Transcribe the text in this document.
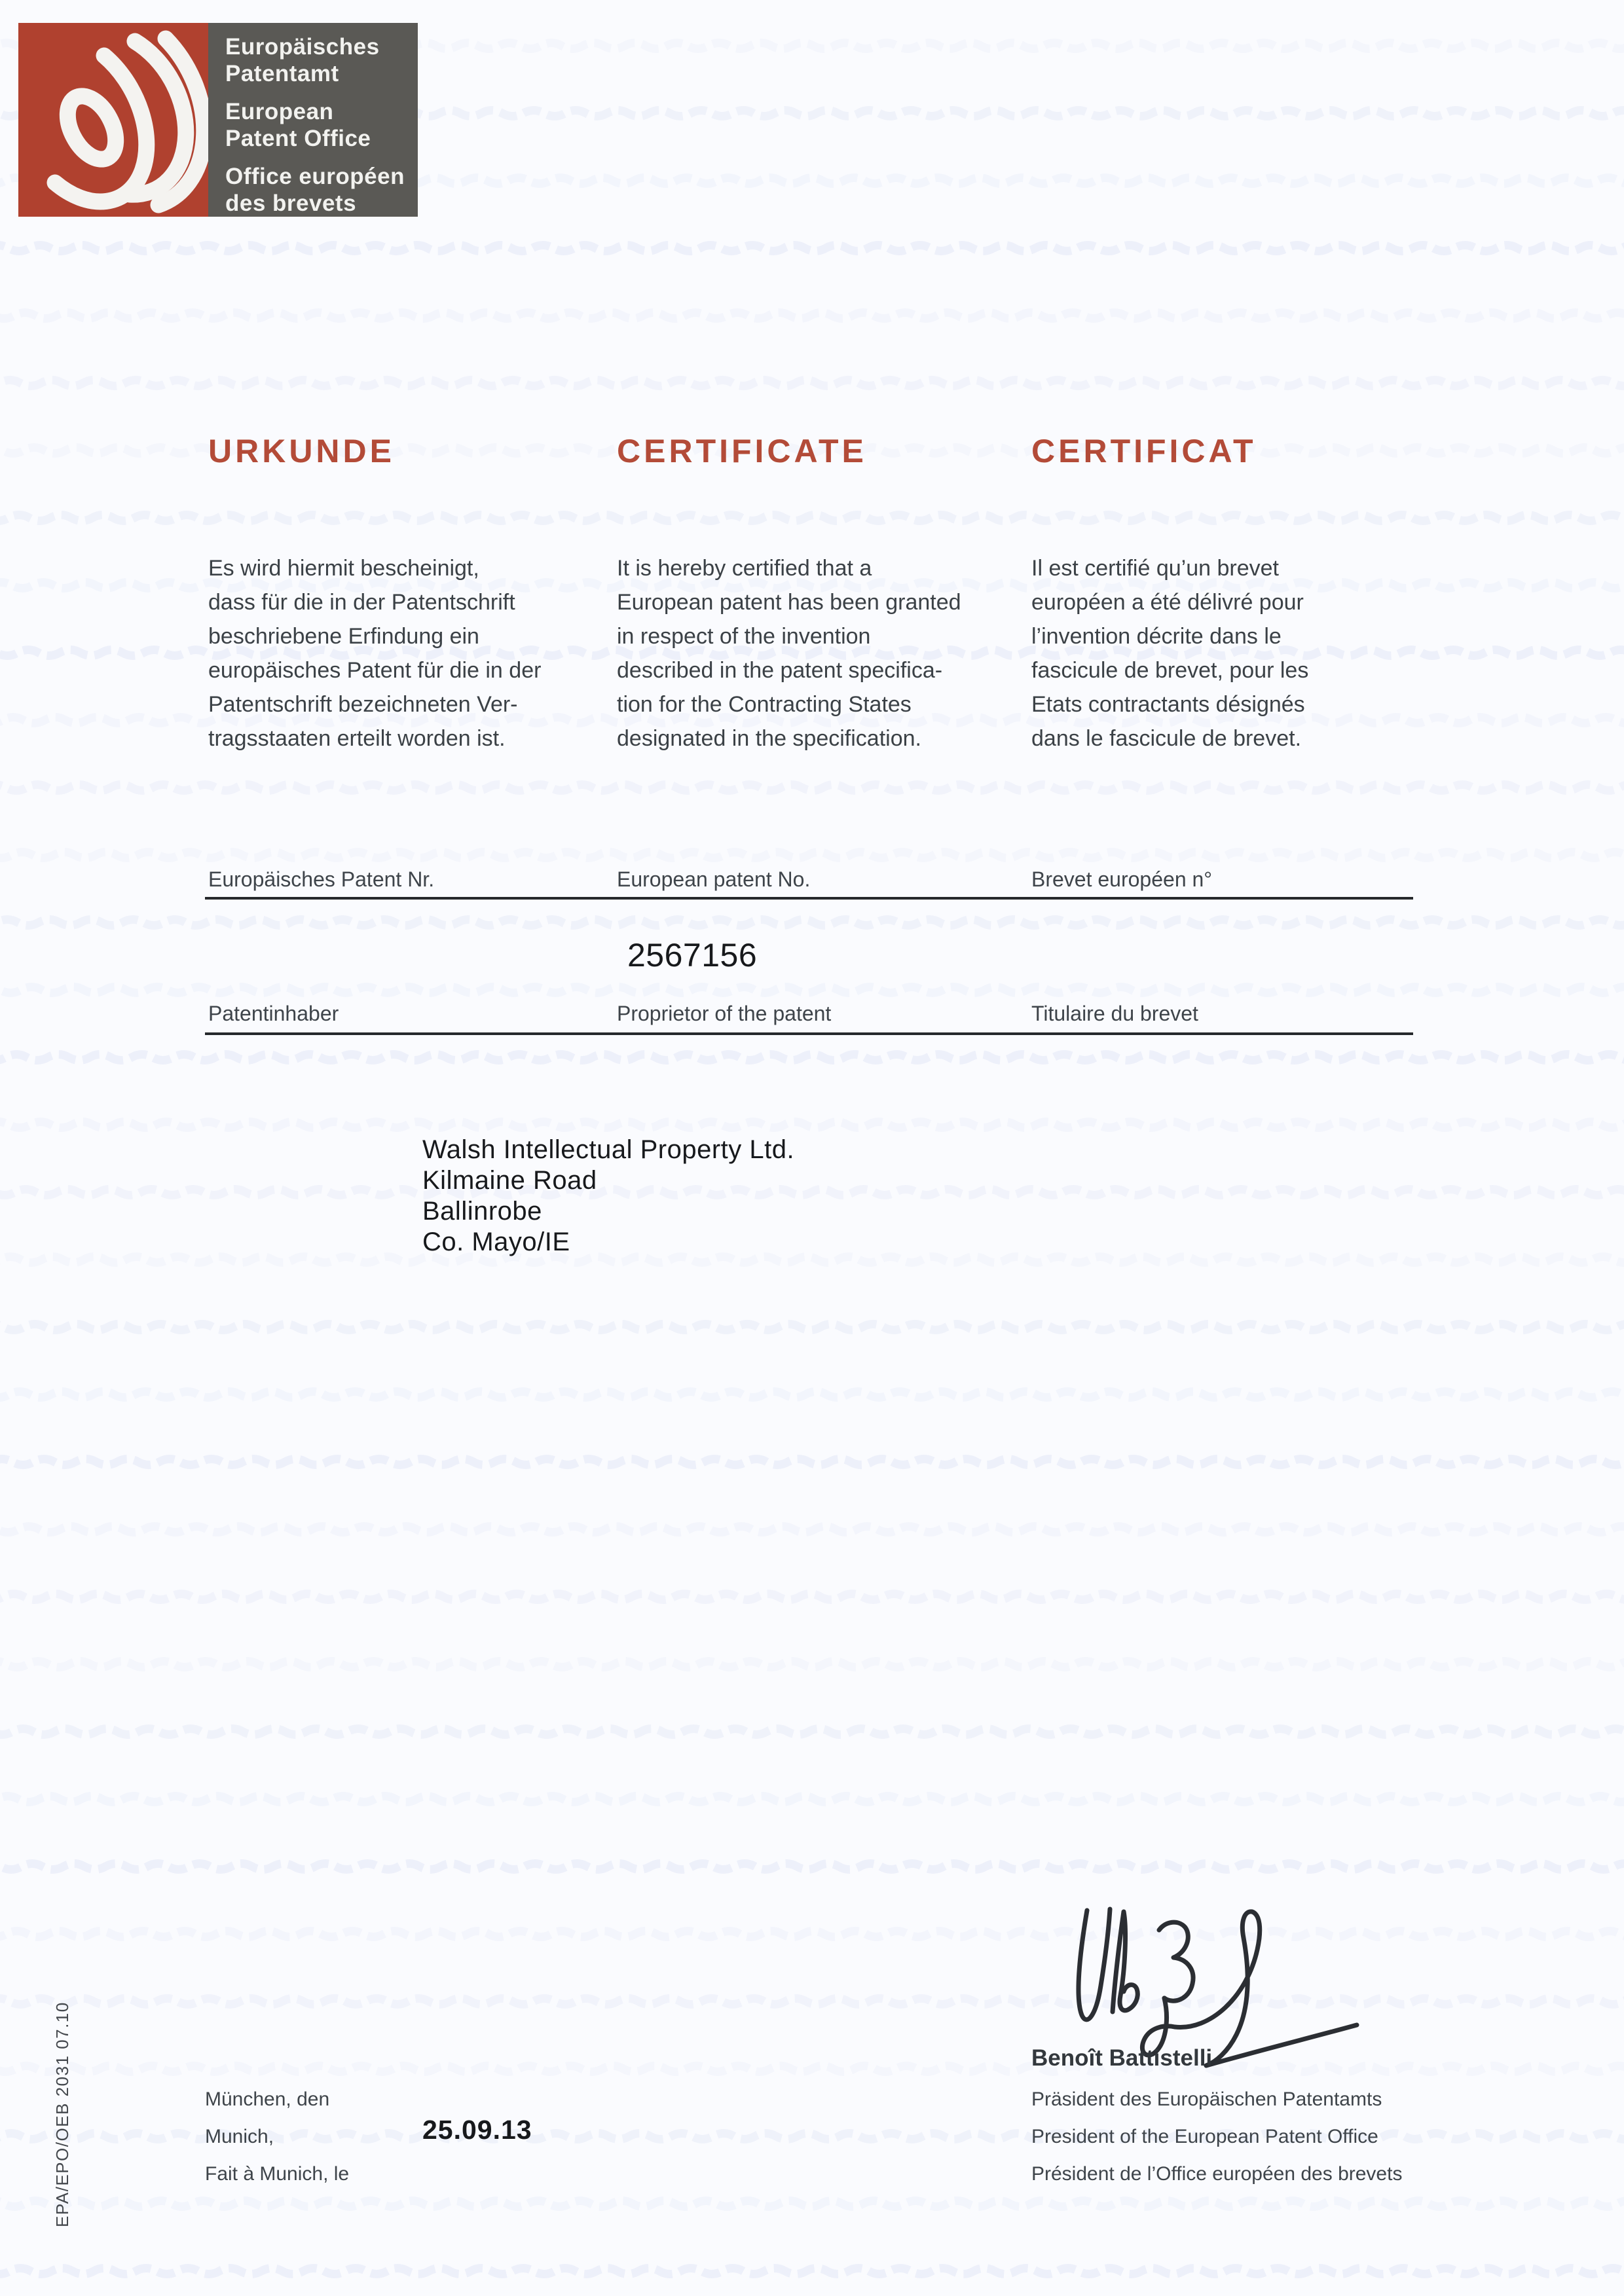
Europäisches
Patentamt
European
Patent Office
Office européen
des brevets
URKUNDE	CERTIFICATE	CERTIFICAT
Es wird hiermit bescheinigt,
dass für die in der Patentschrift
beschriebene Erfindung ein
europäisches Patent für die in der
Patentschrift bezeichneten Ver-
tragsstaaten erteilt worden ist.
It is hereby certified that a
European patent has been granted
in respect of the invention
described in the patent specifica-
tion for the Contracting States
designated in the specification.
Il est certifié qu’un brevet
européen a été délivré pour
l’invention décrite dans le
fascicule de brevet, pour les
Etats contractants désignés
dans le fascicule de brevet.
Europäisches Patent Nr.	European patent No.	Brevet européen n°
2567156
Patentinhaber	Proprietor of the patent	Titulaire du brevet
Walsh Intellectual Property Ltd.
Kilmaine Road
Ballinrobe
Co. Mayo/IE
Benoît Battistelli
Präsident des Europäischen Patentamts
President of the European Patent Office
Président de l’Office européen des brevets
München, den
Munich,
Fait à Munich, le
25.09.13
EPA/EPO/OEB 2031 07.10
